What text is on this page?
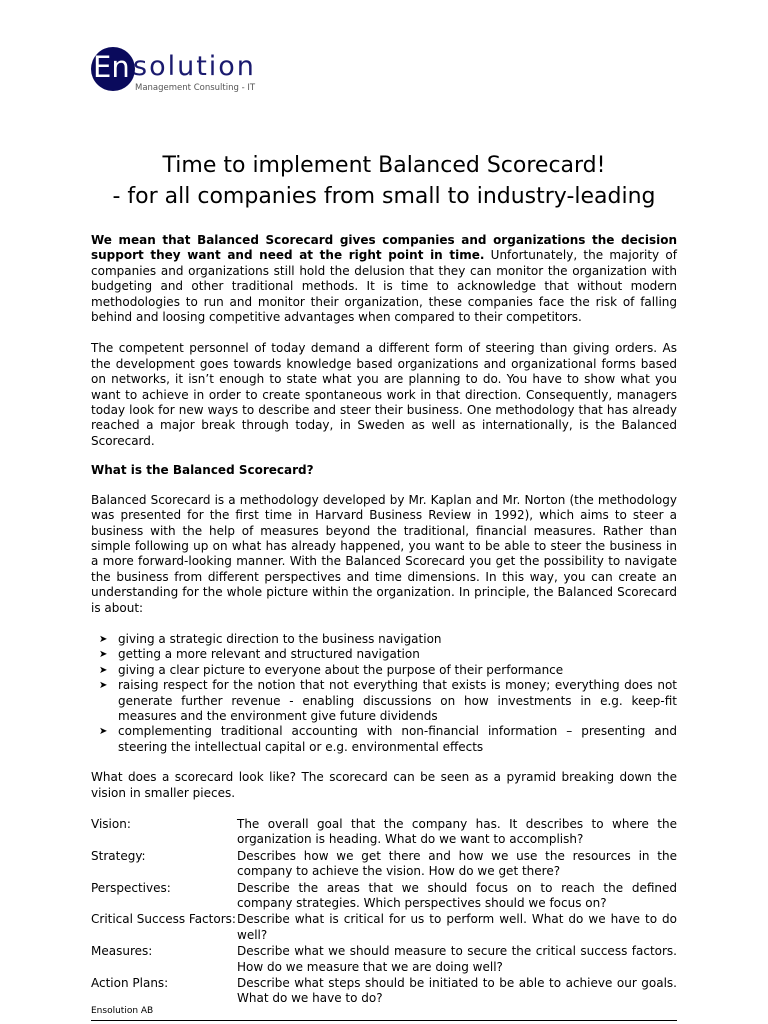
En solution
Management Consulting - IT
Time to implement Balanced Scorecard!
- for all companies from small to industry-leading

We mean that Balanced Scorecard gives companies and organizations the decision support they want and need at the right point in time. Unfortunately, the majority of companies and organizations still hold the delusion that they can monitor the organization with budgeting and other traditional methods. It is time to acknowledge that without modern methodologies to run and monitor their organization, these companies face the risk of falling behind and loosing competitive advantages when compared to their competitors.

The competent personnel of today demand a different form of steering than giving orders. As the development goes towards knowledge based organizations and organizational forms based on networks, it isn’t enough to state what you are planning to do. You have to show what you want to achieve in order to create spontaneous work in that direction. Consequently, managers today look for new ways to describe and steer their business. One methodology that has already reached a major break through today, in Sweden as well as internationally, is the Balanced Scorecard.

What is the Balanced Scorecard?

Balanced Scorecard is a methodology developed by Mr. Kaplan and Mr. Norton (the methodology was presented for the first time in Harvard Business Review in 1992), which aims to steer a business with the help of measures beyond the traditional, financial measures. Rather than simple following up on what has already happened, you want to be able to steer the business in a more forward-looking manner. With the Balanced Scorecard you get the possibility to navigate the business from different perspectives and time dimensions. In this way, you can create an understanding for the whole picture within the organization. In principle, the Balanced Scorecard is about:

➤ giving a strategic direction to the business navigation
➤ getting a more relevant and structured navigation
➤ giving a clear picture to everyone about the purpose of their performance
➤ raising respect for the notion that not everything that exists is money; everything does not generate further revenue - enabling discussions on how investments in e.g. keep-fit measures and the environment give future dividends
➤ complementing traditional accounting with non-financial information – presenting and steering the intellectual capital or e.g. environmental effects

What does a scorecard look like? The scorecard can be seen as a pyramid breaking down the vision in smaller pieces.

Vision:	The overall goal that the company has. It describes to where the organization is heading. What do we want to accomplish?
Strategy:	Describes how we get there and how we use the resources in the company to achieve the vision. How do we get there?
Perspectives:	Describe the areas that we should focus on to reach the defined company strategies. Which perspectives should we focus on?
Critical Success Factors:	Describe what is critical for us to perform well. What do we have to do well?
Measures:	Describe what we should measure to secure the critical success factors. How do we measure that we are doing well?
Action Plans:	Describe what steps should be initiated to be able to achieve our goals. What do we have to do?
Ensolution AB
